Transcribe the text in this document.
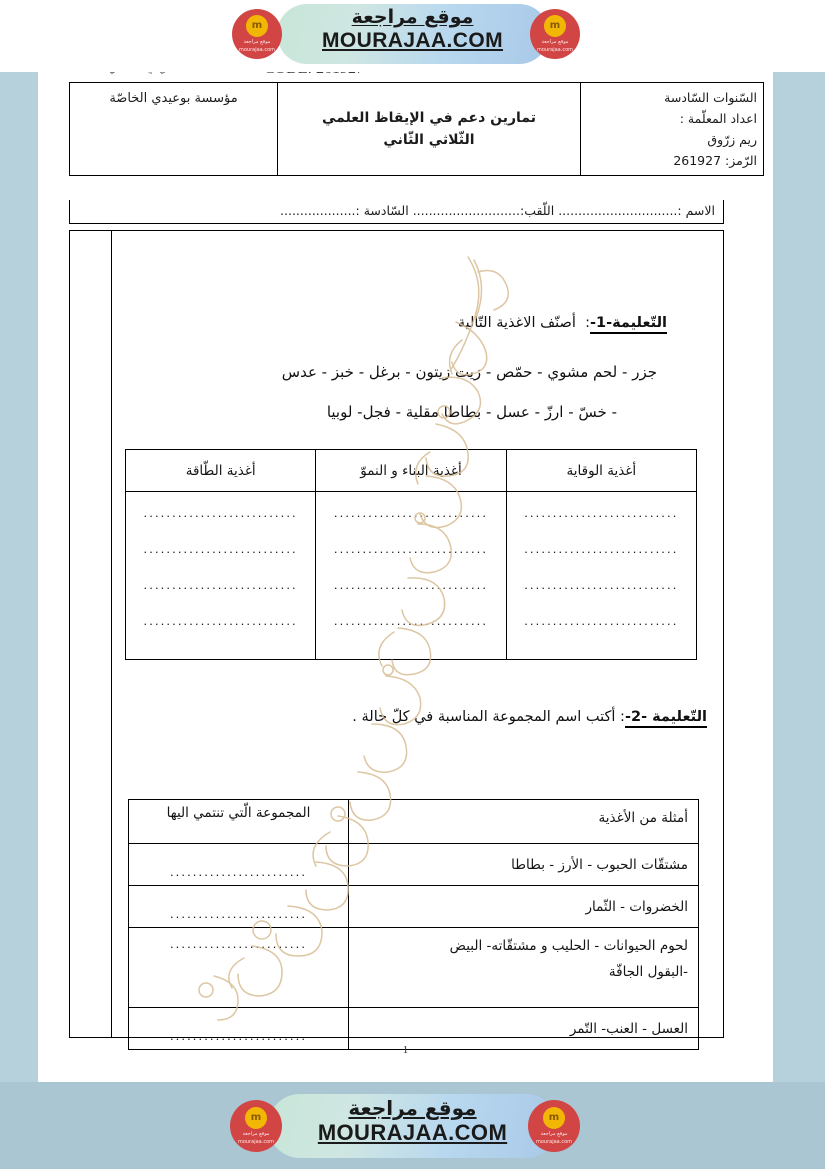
السّنوات السّادسة
اعداد المعلّمة :
ريم زرّوق
الرّمز: 261927

تمارين دعم في الإيقاظ العلمي
الثّلاثي الثّاني
	مؤسسة بوعيدي الخاصّة
الاسم :.............................. اللّقب:........................... السّادسة :...................
التّعليمة-1-:  أصنّف الاغذية التّالية
جزر - لحم مشوي - حمّص - زيت زيتون - برغل - خبز - عدس
- خسّ - ارزّ - عسل - بطاطا مقلية - فجل- لوبيا
أغذية الوقاية	أغذية البناء و النموّ	أغذية الطّاقة

...........................
...........................
...........................
...........................

...........................
...........................
...........................
...........................

...........................
...........................
...........................
...........................
التّعليمة -2-: أكتب اسم المجموعة المناسبة في كلّ حالة .
أمثلة من الأغذية	المجموعة الّتي تنتمي اليها
مشتقّات الحبوب - الأرز - بطاطا	........................
الخضروات - الثّمار	........................

لحوم الحيوانات - الحليب و مشتقّاته- البيض
-البقول الجافّة	........................
العسل - العنب- التّمر	........................
1
m
موقع مراجعة
mourajaa.com
m
موقع مراجعة
mourajaa.com
موقع مراجعة
MOURAJAA.COM
m
موقع مراجعة
mourajaa.com
m
موقع مراجعة
mourajaa.com
موقع مراجعة
MOURAJAA.COM
